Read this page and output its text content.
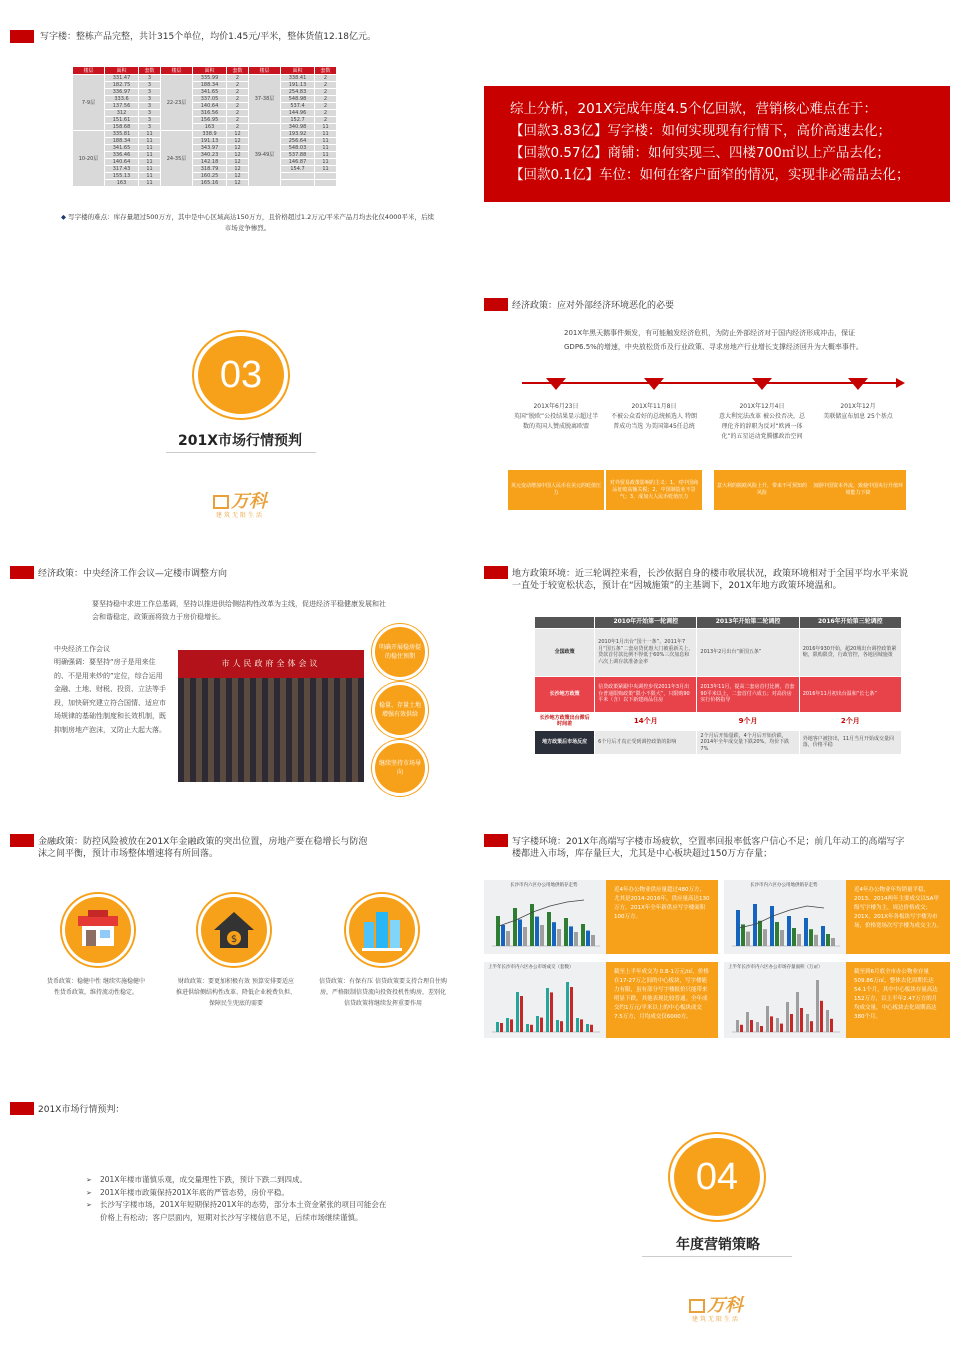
写字楼：整栋产品完整，共计315个单位，均价1.45元/平米，整体货值12.18亿元。
楼层	面积	套数	楼层	面积	套数	楼层	面积	套数
7-9层	331.47	3	22-23层	335.99	2	37-38层	338.41	2
	182.75	3		188.34	2		191.13	2
	336.97	3		341.65	2		254.83	2
	333.6	3		337.05	2		548.98	2
	137.56	3		140.64	2		537.4	2
	312	3		316.56	2		144.96	2
	151.61	3		156.95	2		152.7	2
	158.68	3		163	2	39-49层	340.98	11
10-20层	335.81	11	24-35层	338.9	12		193.92	11
	188.34	11		191.13	12		256.64	11
	341.65	11		343.97	12		548.03	11
	336.46	11		340.23	12		537.88	11
	140.64	11		142.18	12		146.87	11
	317.43	11		318.79	12		154.7	11
	155.13	11		160.25	12			
	163	11		165.16	12			
◆ 写字楼的难点：库存量超过500万方，其中是中心区域高达150万方，且价格超过1.2万元/平米产品月均去化仅4000平米，后续市场竞争惨烈。
综上分析，201X完成年度4.5个亿回款，营销核心难点在于：
【回款3.83亿】写字楼：如何实现现有行情下，高价高速去化；
【回款0.57亿】商铺：如何实现三、四楼700㎡以上产品去化；
【回款0.1亿】车位：如何在客户面窄的情况，实现非必需品去化；
03
201X市场行情预判
万科
建筑无限生活
经济政策：应对外部经济环境恶化的必要
201X年黑天鹅事件频发，有可能触发经济危机，为防止外部经济对于国内经济形成冲击，保证GDP6.5%的增速，中央放松货币及行业政策、寻求房地产行业增长支撑经济回升为大概率事件。
201X年6月23日
英国“脱欧”公投结果显示超过半数的英国人赞成脱离欧盟
英元变动增加中国人民币在美元的贬值压力
201X年11月8日
不被公众看好的总统候选人 特朗普成功当选 为美国第45任总统
对外贸易政策影响的主义：1、对中国商品征收高额关税；2、中国制造业不景气；3、成加大人民币贬值压力
201X年12月4日
意大利宪法改革 被公投否决，总理伦齐的辞职为反对“欧洲一体化”的五星运动党腾挪政治空间
意大利的脱欧风险上升，带来不可预知的风险
201X年12月
美联储宣布加息 25个基点
加剧中国资本外流，致使中国央行升值环境能力下降
经济政策：中央经济工作会议—定楼市调整方向
要坚持稳中求进工作总基调，坚持以推进供给侧结构性改革为主线，促进经济平稳健康发展和社会和谐稳定，政策面将致力于房价稳增长。
中央经济工作会议
明确强调：要坚持“房子是用来住的、不是用来炒的”定位，综合运用金融、土地、财税、投资、立法等手段，加快研究建立符合国情、适应市场规律的基础性制度和长效机制，既抑制房地产泡沫，又防止大起大落。
市人民政府全体会议
明确开展稳房提的稳住预期
稳量、存量土地增强有效供给
继续坚持市场导向
地方政策环境：近三轮调控来看，长沙依据自身的楼市收展状况，政策环境相对于全国平均水平来说一直处于较宽松状态，预计在“因城施策”的主基调下，201X年地方政策环境温和。
	2010年开始第一轮调控	2013年开始第二轮调控	2016年开始第三轮调控
全国政策	2010年1月出台“国十一条”、2011年7月“国五条”二套房贷优惠大门被重新关上，贷款首付款比例不得低于60%三次加息和六次上调存款准备金率	2013年2月出台“新国五条”	2016年930开始，超20城出台调控政策紧缩，限购限贷，行政管控，各地因城施策
长沙地方政策	信贷政策紧跟中央调控步伐2011年3月出台普通限购政策“限小不限大”，只限购90平米（含）以下新建商品住房	2013年11月，提高二套房首付比例，首套90平米以上，二套首付六成五；对高价房实行价格指导	2016年11月初出台温和“长七条”
长沙地方政策出台滞后时间差	14个月	9个月	2个月
地方政策后市场反应	6个月后才真正受到调控政策的影响	2个月后开始量跌，4个月后开始价跌，2014年全年成交量下跌20%，均价下跌7%	外地客户被挤出，11月当月开始成交量回落，价格平稳
金融政策：防控风险被放在201X年金融政策的突出位置，房地产要在稳增长与防泡沫之间平衡，预计市场整体增速将有所回落。
$
货币政策：稳健中性 继续实施稳健中性货币政策，维持流动性稳定。
财政政策：要更加积极有效 预算安排要适应推进供给侧结构性改革、降低企业税费负担、保障民生兜底的需要
信贷政策：有保有压 信贷政策要支持合理自住购房，严格限制信贷流向投资投机性购房，差别化信贷政策将继续发挥重要作用
写字楼环境：201X年高端写字楼市场疲软，空置率回报率低客户信心不足；前几年动工的高端写字楼都进入市场，库存量巨大，尤其是中心板块超过150万方存量；
长沙市内六区办公用地供销存走势
近4年办公物业供应量超过480万方，尤其是2014-2016年，供应量高达130万方，201X年全年新供应写字楼面积100万方。
长沙市内六区办公用地供销存走势
近4年办公物业年均销量平稳，2013、2014两年主要成交以SA甲级写字楼为主，周边价格成交；201X、201X年各板块写字楼为市场，价格宽场次写字楼为成交主力。
上半年长沙市内六区办公市场成交（套数）
截至上半年成交为 0.8-1万元/㎡，价格在17-27万之间的中心板块，写字楼能力有限，虽有部分写字楼报价只能带来明显下跌，其他表现比较普通。全年成交约1万元/平米以上的中心板块成交7.5万方，月均成交仅6000方。
上半年长沙市内六区办公市场存量面积（万㎡）
截至到6月底全市办公物业存量509.86万㎡，整体去化周期长达54.1个月，其中中心板块存量高达152万方，以上半年2.47万方的月均成交量，中心板块去化周期高达380个月。
201X市场行情预判：
➢ 201X年楼市谨慎乐观，成交量理性下跌，预计下跌二到四成。
➢ 201X年楼市政策保持201X年底的严管态势，房价平稳。
➢ 长沙写字楼市场，201X年短期保持201X年的态势，部分本土资金紧张的项目可能会在价格上有松动；客户层面内，短期对长沙写字楼信息不足，后续市场继续谨慎。
04
年度营销策略
万科
建筑无限生活
